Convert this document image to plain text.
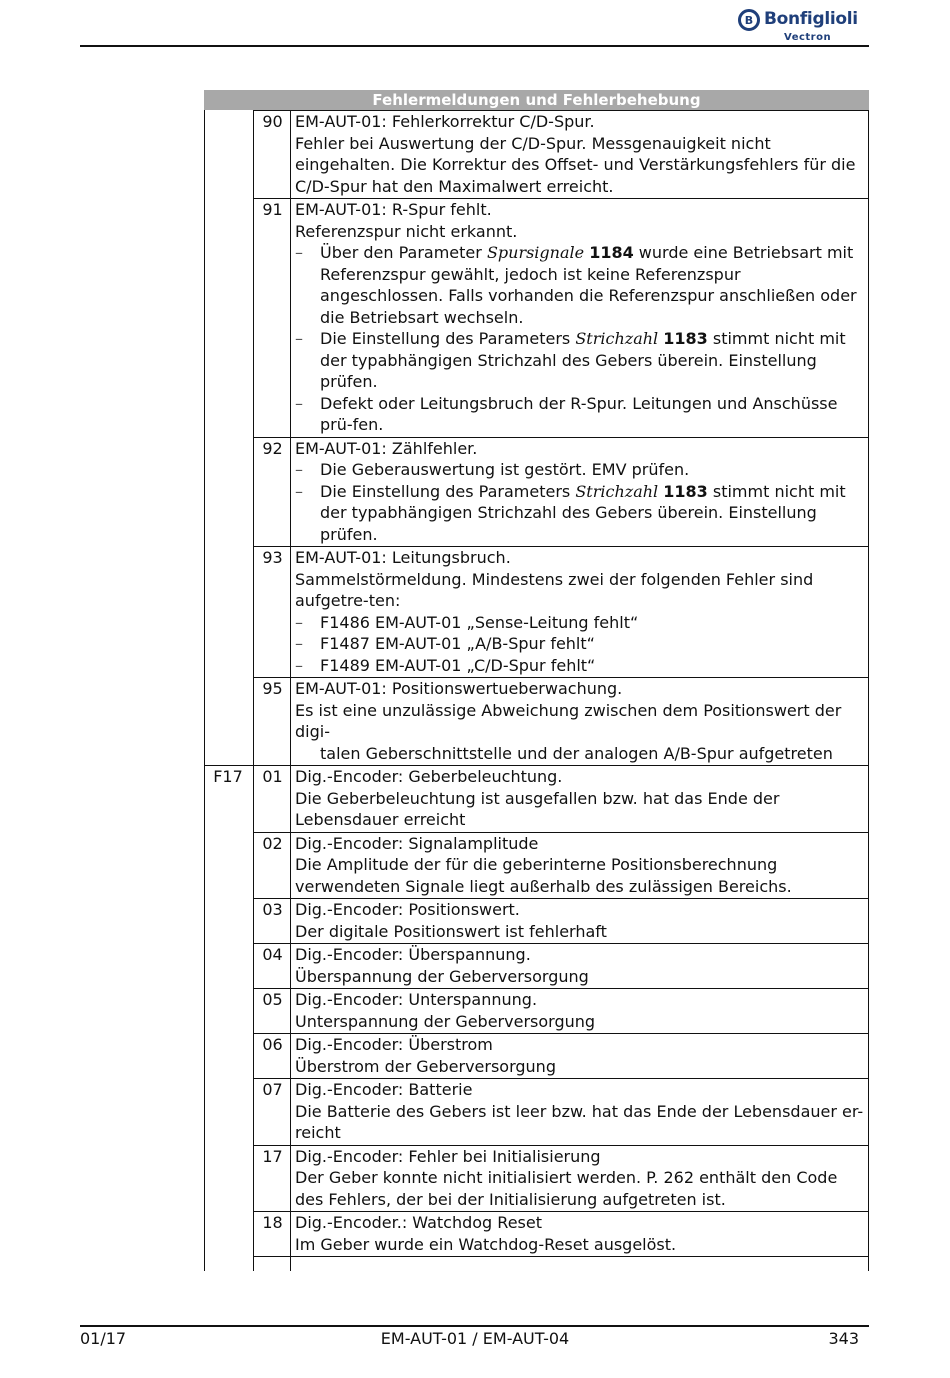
B Bonfiglioli
Vectron
Fehlermeldungen und Fehlerbehebung
90 EM-AUT-01: Fehlerkorrektur C/D-Spur.
Fehler bei Auswertung der C/D-Spur. Messgenauigkeit nicht eingehalten. Die Korrektur des Offset- und Verstärkungsfehlers für die C/D-Spur hat den Maximalwert erreicht.
91 EM-AUT-01: R-Spur fehlt.
Referenzspur nicht erkannt.
– Über den Parameter Spursignale 1184 wurde eine Betriebsart mit Referenzspur gewählt, jedoch ist keine Referenzspur angeschlossen. Falls vorhanden die Referenzspur anschließen oder die Betriebsart wechseln.
– Die Einstellung des Parameters Strichzahl 1183 stimmt nicht mit der typabhängigen Strichzahl des Gebers überein. Einstellung prüfen.
– Defekt oder Leitungsbruch der R-Spur. Leitungen und Anschüsse prü-fen.
92 EM-AUT-01: Zählfehler.
– Die Geberauswertung ist gestört. EMV prüfen.
– Die Einstellung des Parameters Strichzahl 1183 stimmt nicht mit der typabhängigen Strichzahl des Gebers überein. Einstellung prüfen.
93 EM-AUT-01: Leitungsbruch.
Sammelstörmeldung. Mindestens zwei der folgenden Fehler sind aufgetre-ten:
– F1486 EM-AUT-01 „Sense-Leitung fehlt“
– F1487 EM-AUT-01 „A/B-Spur fehlt“
– F1489 EM-AUT-01 „C/D-Spur fehlt“
95 EM-AUT-01: Positionswertueberwachung.
Es ist eine unzulässige Abweichung zwischen dem Positionswert der digi-
talen Geberschnittstelle und der analogen A/B-Spur aufgetreten
F17	01 Dig.-Encoder: Geberbeleuchtung.
Die Geberbeleuchtung ist ausgefallen bzw. hat das Ende der Lebensdauer erreicht
02 Dig.-Encoder: Signalamplitude
Die Amplitude der für die geberinterne Positionsberechnung verwendeten Signale liegt außerhalb des zulässigen Bereichs.
03 Dig.-Encoder: Positionswert.
Der digitale Positionswert ist fehlerhaft
04 Dig.-Encoder: Überspannung.
Überspannung der Geberversorgung
05 Dig.-Encoder: Unterspannung.
Unterspannung der Geberversorgung
06 Dig.-Encoder: Überstrom
Überstrom der Geberversorgung
07 Dig.-Encoder: Batterie
Die Batterie des Gebers ist leer bzw. hat das Ende der Lebensdauer er-reicht
17 Dig.-Encoder: Fehler bei Initialisierung
Der Geber konnte nicht initialisiert werden. P. 262 enthält den Code des Fehlers, der bei der Initialisierung aufgetreten ist.
18 Dig.-Encoder.: Watchdog Reset
Im Geber wurde ein Watchdog-Reset ausgelöst.
01/17	EM-AUT-01 / EM-AUT-04	343
